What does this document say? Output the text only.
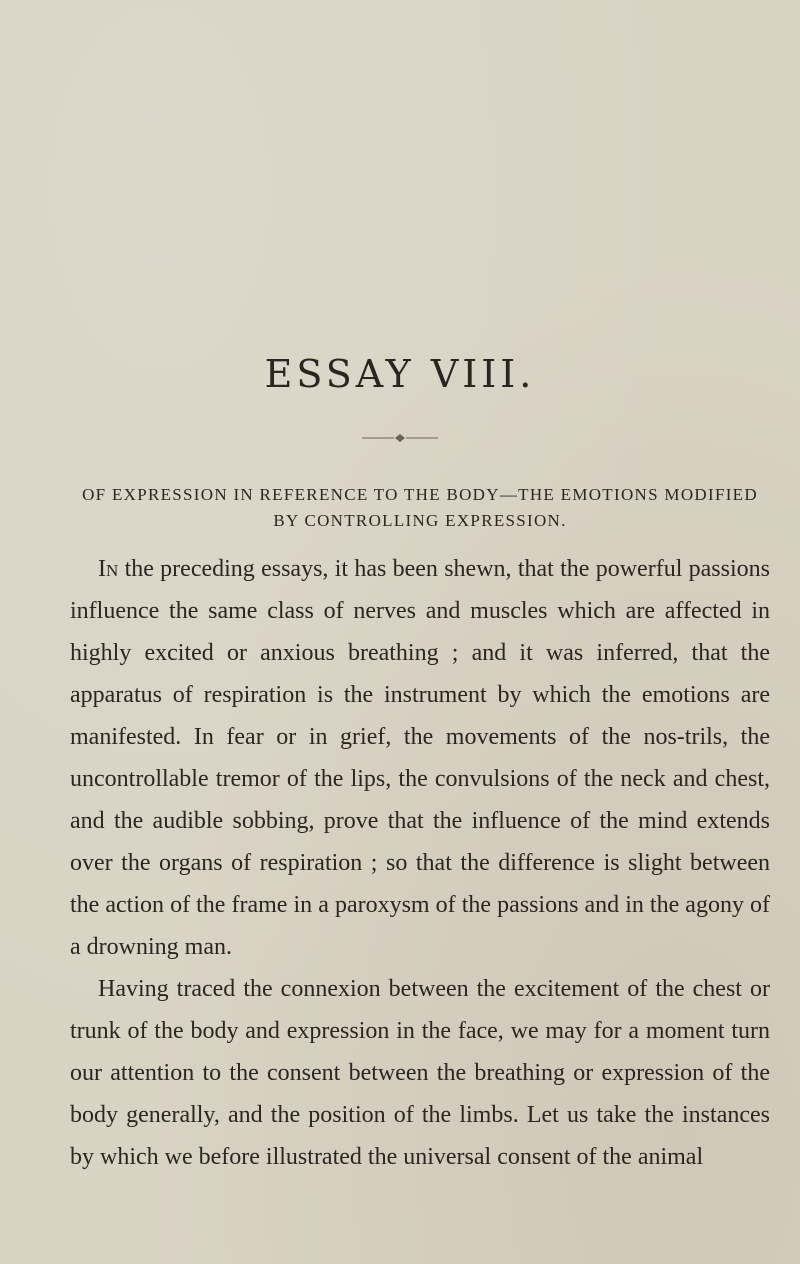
ESSAY VIII.
OF EXPRESSION IN REFERENCE TO THE BODY—THE EMOTIONS MODIFIED BY CONTROLLING EXPRESSION.

In the preceding essays, it has been shewn, that the powerful passions influence the same class of nerves and muscles which are affected in highly excited or anxious breathing ; and it was inferred, that the apparatus of respiration is the instrument by which the emotions are manifested. In fear or in grief, the movements of the nos-trils, the uncontrollable tremor of the lips, the convulsions of the neck and chest, and the audible sobbing, prove that the influence of the mind extends over the organs of respiration ; so that the difference is slight between the action of the frame in a paroxysm of the passions and in the agony of a drowning man.

Having traced the connexion between the excitement of the chest or trunk of the body and expression in the face, we may for a moment turn our attention to the consent between the breathing or expression of the body generally, and the position of the limbs. Let us take the instances by which we before illustrated the universal consent of the animal
